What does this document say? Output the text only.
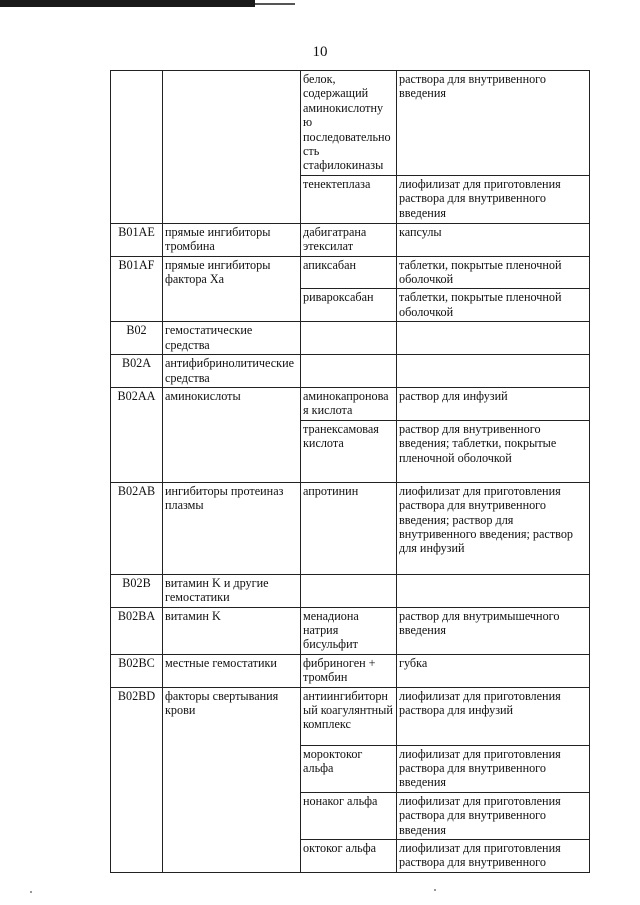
10
		белок, содержащий аминокислотну ю последовательно сть стафилокиназы	раствора для внутривенного введения
		тенектеплаза	лиофилизат для приготовления раствора для внутривенного введения
B01AE	прямые ингибиторы тромбина	дабигатрана этексилат	капсулы
B01AF	прямые ингибиторы фактора Xa	апиксабан	таблетки, покрытые пленочной оболочкой
		ривароксабан	таблетки, покрытые пленочной оболочкой
B02	гемостатические средства		
B02A	антифибринолитические средства		
B02AA	аминокислоты	аминокапронова я кислота	раствор для инфузий
		транексамовая кислота	раствор для внутривенного введения; таблетки, покрытые пленочной оболочкой
B02AB	ингибиторы протеиназ плазмы	апротинин	лиофилизат для приготовления раствора для внутривенного введения; раствор для внутривенного введения; раствор для инфузий
B02B	витамин K и другие гемостатики		
B02BA	витамин K	менадиона натрия бисульфит	раствор для внутримышечного введения
B02BC	местные гемостатики	фибриноген + тромбин	губка
B02BD	факторы свертывания крови	антиингибиторн ый коагулянтный комплекс	лиофилизат для приготовления раствора для инфузий
		мороктоког альфа	лиофилизат для приготовления раствора для внутривенного введения
		нонаког альфа	лиофилизат для приготовления раствора для внутривенного введения
		октоког альфа	лиофилизат для приготовления раствора для внутривенного
